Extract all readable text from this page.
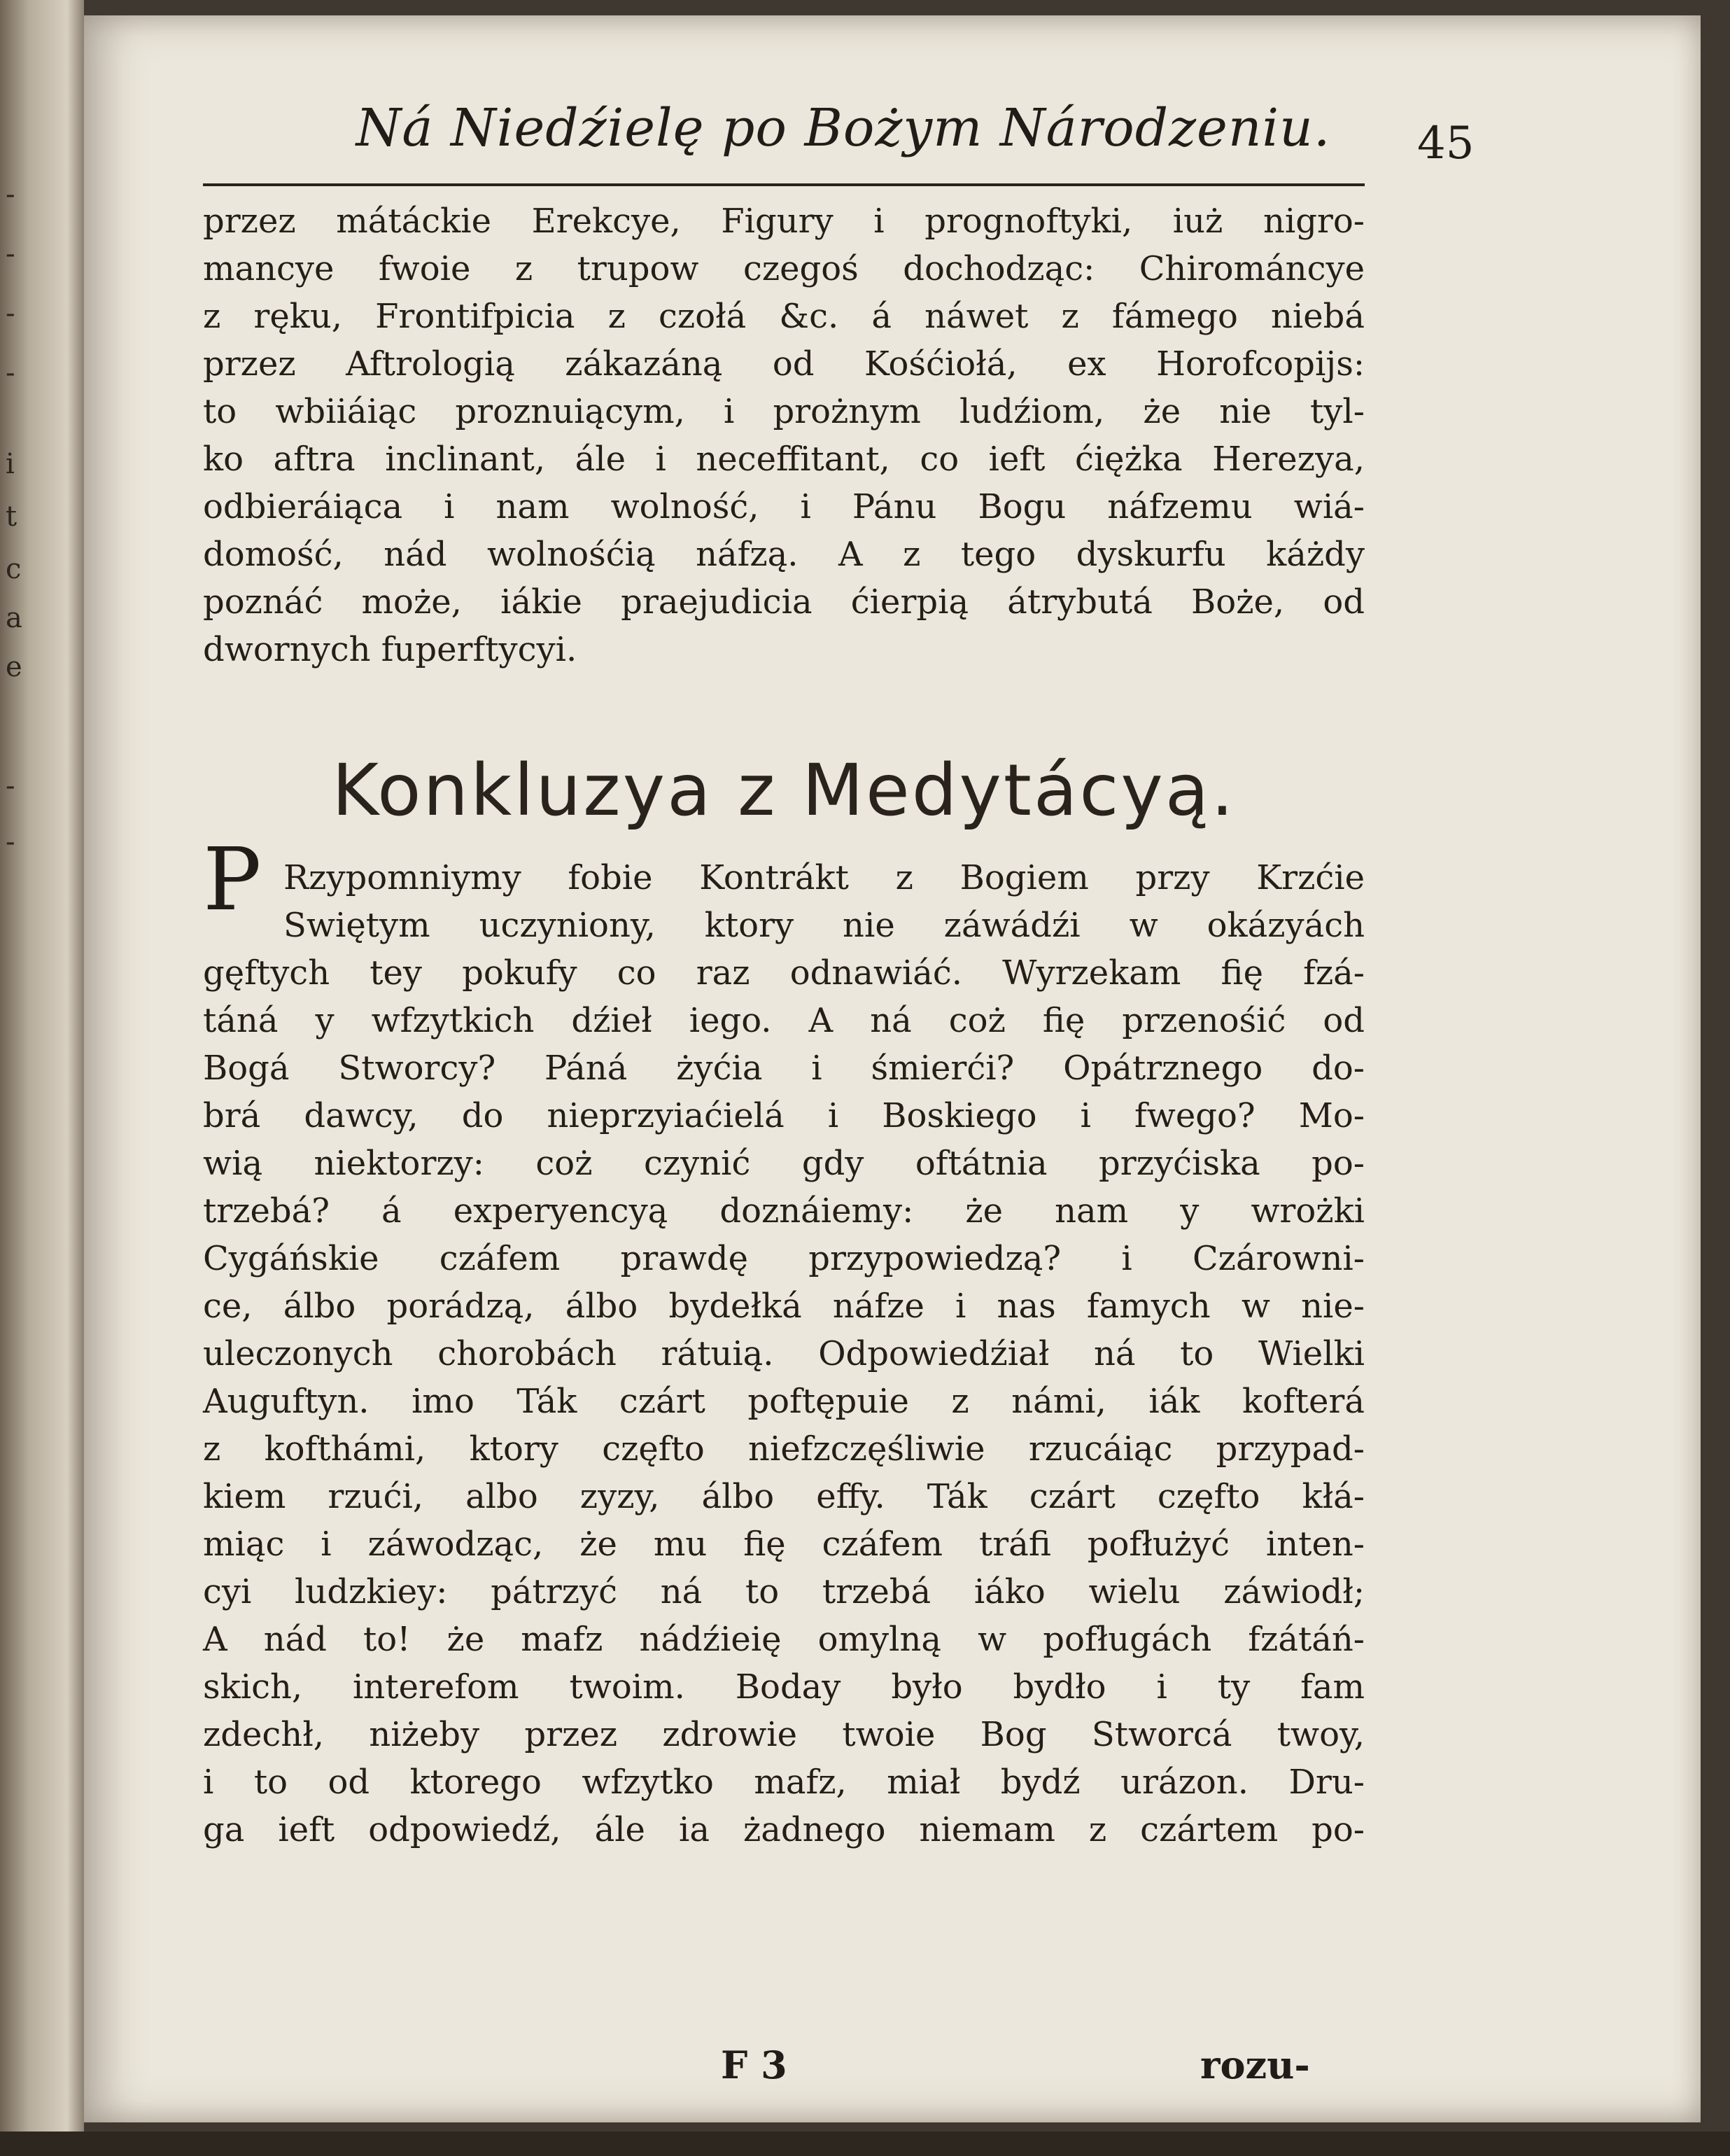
-
-
-
-
i
t
c
a
e
-
-
Ná Niedźielę po Bożym Národzeniu.	45
przez mátáckie Erekcye, Figury i prognoftyki, iuż nigro-
mancye fwoie z trupow czegoś dochodząc: Chirománcye
z ręku, Frontifpicia z czołá &c. á náwet z fámego niebá
przez Aftrologią zákazáną od Kośćiołá, ex Horofcopijs:
to wbiiáiąc proznuiącym, i prożnym ludźiom, że nie tyl-
ko aftra inclinant, ále i neceffitant, co ieft ćiężka Herezya,
odbieráiąca i nam wolność, i Pánu Bogu náfzemu wiá-
domość, nád wolnośćią náfzą. A z tego dyskurfu káżdy
poznáć może, iákie praejudicia ćierpią átrybutá Boże, od
dwornych fuperftycyi.
Konkluzya z Medytácyą.
P Rzypomniymy fobie Kontrákt z Bogiem przy Krzćie
Swiętym uczyniony, ktory nie záwádźi w okázyách
gęftych tey pokufy co raz odnawiáć. Wyrzekam fię fzá-
táná y wfzytkich dźieł iego. A ná coż fię przenośić od
Bogá Stworcy? Páná żyćia i śmierći? Opátrznego do-
brá dawcy, do nieprzyiaćielá i Boskiego i fwego? Mo-
wią niektorzy: coż czynić gdy oftátnia przyćiska po-
trzebá? á experyencyą doznáiemy: że nam y wrożki
Cygáńskie czáfem prawdę przypowiedzą? i Czárowni-
ce, álbo porádzą, álbo bydełká náfze i nas famych w nie-
uleczonych chorobách rátuią. Odpowiedźiał ná to Wielki
Auguftyn. imo Ták czárt poftępuie z námi, iák kofterá
z kofthámi, ktory częfto niefzczęśliwie rzucáiąc przypad-
kiem rzući, albo zyzy, álbo effy. Ták czárt częfto kłá-
miąc i záwodząc, że mu fię czáfem tráfi pofłużyć inten-
cyi ludzkiey: pátrzyć ná to trzebá iáko wielu záwiodł;
A nád to! że mafz nádźieię omylną w pofługách fzátáń-
skich, interefom twoim. Boday było bydło i ty fam
zdechł, niżeby przez zdrowie twoie Bog Stworcá twoy,
i to od ktorego wfzytko mafz, miał bydź urázon. Dru-
ga ieft odpowiedź, ále ia żadnego niemam z czártem po-
F 3	rozu-
